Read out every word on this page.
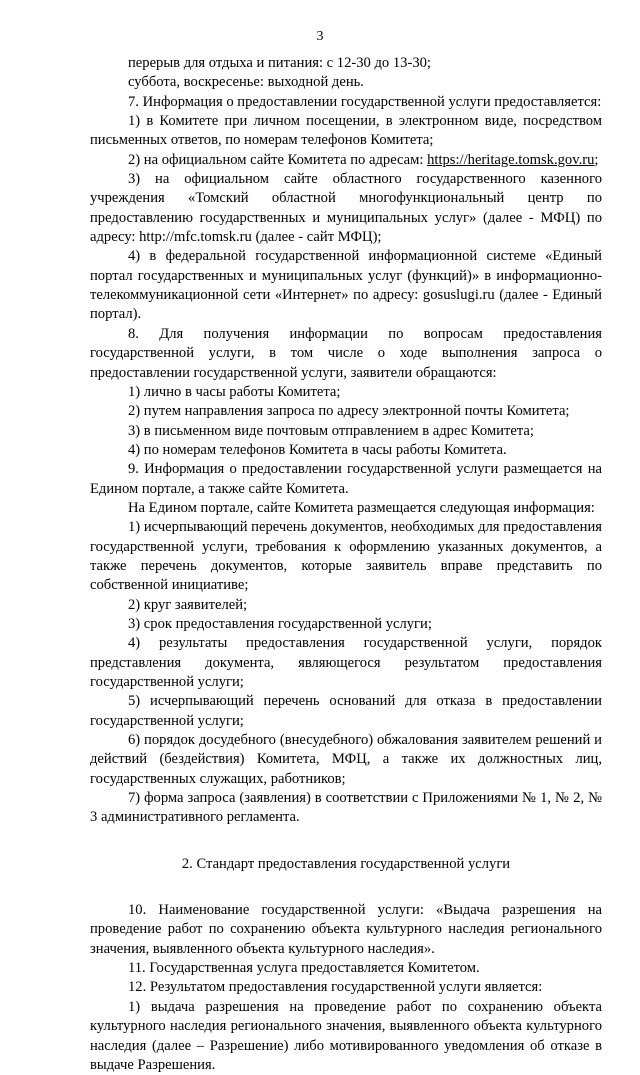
3

перерыв для отдыха и питания: с 12-30 до 13-30;

суббота, воскресенье: выходной день.

7. Информация о предоставлении государственной услуги предоставляется:

1) в Комитете при личном посещении, в электронном виде, посредством письменных ответов, по номерам телефонов Комитета;

2) на официальном сайте Комитета по адресам: https://heritage.tomsk.gov.ru;

3) на официальном сайте областного государственного казенного учреждения «Томский областной многофункциональный центр по предоставлению государственных и муниципальных услуг» (далее - МФЦ) по адресу: http://mfc.tomsk.ru (далее - сайт МФЦ);

4) в федеральной государственной информационной системе «Единый портал государственных и муниципальных услуг (функций)» в информационно-телекоммуникационной сети «Интернет» по адресу: gosuslugi.ru (далее - Единый портал).

8. Для получения информации по вопросам предоставления государственной услуги, в том числе о ходе выполнения запроса о предоставлении государственной услуги, заявители обращаются:

1) лично в часы работы Комитета;

2) путем направления запроса по адресу электронной почты Комитета;

3) в письменном виде почтовым отправлением в адрес Комитета;

4) по номерам телефонов Комитета в часы работы Комитета.

9. Информация о предоставлении государственной услуги размещается на Едином портале, а также сайте Комитета.

На Едином портале, сайте Комитета размещается следующая информация:

1) исчерпывающий перечень документов, необходимых для предоставления государственной услуги, требования к оформлению указанных документов, а также перечень документов, которые заявитель вправе представить по собственной инициативе;

2) круг заявителей;

3) срок предоставления государственной услуги;

4) результаты предоставления государственной услуги, порядок представления документа, являющегося результатом предоставления государственной услуги;

5) исчерпывающий перечень оснований для отказа в предоставлении государственной услуги;

6) порядок досудебного (внесудебного) обжалования заявителем решений и действий (бездействия) Комитета, МФЦ, а также их должностных лиц, государственных служащих, работников;

7) форма запроса (заявления) в соответствии с Приложениями № 1, № 2, № 3 административного регламента.

2. Стандарт предоставления государственной услуги

10. Наименование государственной услуги: «Выдача разрешения на проведение работ по сохранению объекта культурного наследия регионального значения, выявленного объекта культурного наследия».

11. Государственная услуга предоставляется Комитетом.

12. Результатом предоставления государственной услуги является:

1) выдача разрешения на проведение работ по сохранению объекта культурного наследия регионального значения, выявленного объекта культурного наследия (далее – Разрешение) либо мотивированного уведомления об отказе в выдаче Разрешения.
